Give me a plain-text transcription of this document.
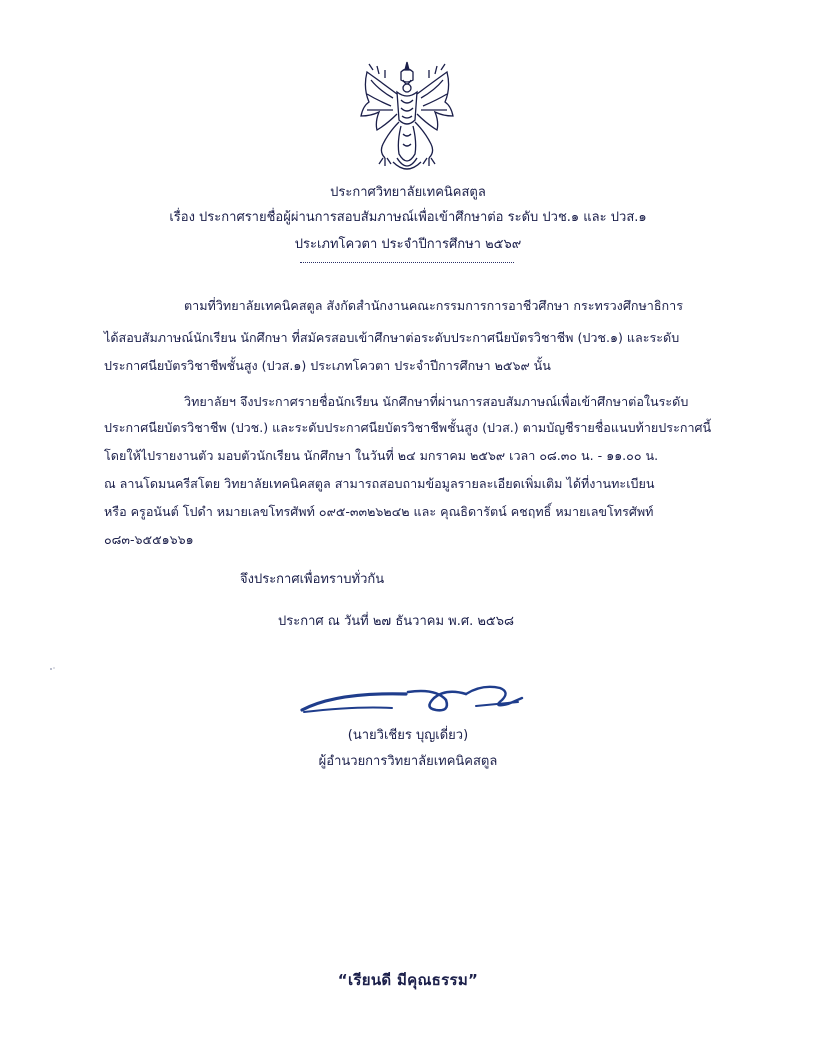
ประกาศวิทยาลัยเทคนิคสตูล
เรื่อง ประกาศรายชื่อผู้ผ่านการสอบสัมภาษณ์เพื่อเข้าศึกษาต่อ ระดับ ปวช.๑ และ ปวส.๑
ประเภทโควตา ประจำปีการศึกษา ๒๕๖๙
ตามที่วิทยาลัยเทคนิคสตูล สังกัดสำนักงานคณะกรรมการการอาชีวศึกษา กระทรวงศึกษาธิการ
ได้สอบสัมภาษณ์นักเรียน นักศึกษา ที่สมัครสอบเข้าศึกษาต่อระดับประกาศนียบัตรวิชาชีพ (ปวช.๑) และระดับ
ประกาศนียบัตรวิชาชีพชั้นสูง (ปวส.๑) ประเภทโควตา ประจำปีการศึกษา ๒๕๖๙ นั้น
วิทยาลัยฯ จึงประกาศรายชื่อนักเรียน นักศึกษาที่ผ่านการสอบสัมภาษณ์เพื่อเข้าศึกษาต่อในระดับ
ประกาศนียบัตรวิชาชีพ (ปวช.) และระดับประกาศนียบัตรวิชาชีพชั้นสูง (ปวส.) ตามบัญชีรายชื่อแนบท้ายประกาศนี้
โดยให้ไปรายงานตัว มอบตัวนักเรียน นักศึกษา ในวันที่ ๒๔ มกราคม ๒๕๖๙ เวลา ๐๘.๓๐ น. - ๑๑.๐๐ น.
ณ ลานโดมนครีสโตย วิทยาลัยเทคนิคสตูล สามารถสอบถามข้อมูลรายละเอียดเพิ่มเติม ได้ที่งานทะเบียน
หรือ ครูอนันต์ โปดำ หมายเลขโทรศัพท์ ๐๙๕-๓๓๒๖๒๔๒ และ คุณธิดารัตน์ คชฤทธิ์ หมายเลขโทรศัพท์
๐๘๓-๖๕๕๑๖๖๑
จึงประกาศเพื่อทราบทั่วกัน
ประกาศ ณ วันที่ ๒๗ ธันวาคม พ.ศ. ๒๕๖๘
(นายวิเชียร บุญเดี่ยว)
ผู้อำนวยการวิทยาลัยเทคนิคสตูล
“เรียนดี มีคุณธรรม”
